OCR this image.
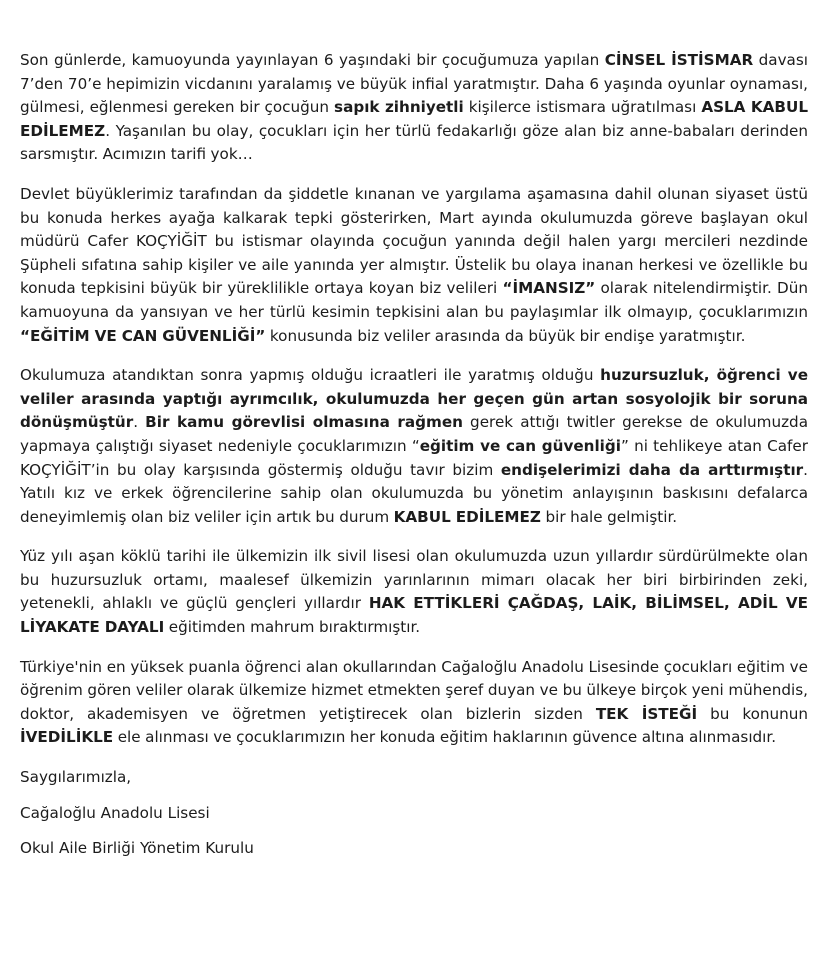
Son günlerde, kamuoyunda yayınlayan 6 yaşındaki bir çocuğumuza yapılan CİNSEL İSTİSMAR davası 7’den 70’e hepimizin vicdanını yaralamış ve büyük infial yaratmıştır. Daha 6 yaşında oyunlar oynaması, gülmesi, eğlenmesi gereken bir çocuğun sapık zihniyetli kişilerce istismara uğratılması ASLA KABUL EDİLEMEZ. Yaşanılan bu olay, çocukları için her türlü fedakarlığı göze alan biz anne-babaları derinden sarsmıştır. Acımızın tarifi yok…

Devlet büyüklerimiz tarafından da şiddetle kınanan ve yargılama aşamasına dahil olunan siyaset üstü bu konuda herkes ayağa kalkarak tepki gösterirken, Mart ayında okulumuzda göreve başlayan okul müdürü Cafer KOÇYİĞİT bu istismar olayında çocuğun yanında değil halen yargı mercileri nezdinde Şüpheli sıfatına sahip kişiler ve aile yanında yer almıştır. Üstelik bu olaya inanan herkesi ve özellikle bu konuda tepkisini büyük bir yüreklilikle ortaya koyan biz velileri “İMANSIZ” olarak nitelendirmiştir. Dün kamuoyuna da yansıyan ve her türlü kesimin tepkisini alan bu paylaşımlar ilk olmayıp, çocuklarımızın “EĞİTİM VE CAN GÜVENLİĞİ” konusunda biz veliler arasında da büyük bir endişe yaratmıştır.

Okulumuza atandıktan sonra yapmış olduğu icraatleri ile yaratmış olduğu huzursuzluk, öğrenci ve veliler arasında yaptığı ayrımcılık, okulumuzda her geçen gün artan sosyolojik bir soruna dönüşmüştür. Bir kamu görevlisi olmasına rağmen gerek attığı twitler gerekse de okulumuzda yapmaya çalıştığı siyaset nedeniyle çocuklarımızın “eğitim ve can güvenliği” ni tehlikeye atan Cafer KOÇYİĞİT’in bu olay karşısında göstermiş olduğu tavır bizim endişelerimizi daha da arttırmıştır. Yatılı kız ve erkek öğrencilerine sahip olan okulumuzda bu yönetim anlayışının baskısını defalarca deneyimlemiş olan biz veliler için artık bu durum KABUL EDİLEMEZ bir hale gelmiştir.

Yüz yılı aşan köklü tarihi ile ülkemizin ilk sivil lisesi olan okulumuzda uzun yıllardır sürdürülmekte olan bu huzursuzluk ortamı, maalesef ülkemizin yarınlarının mimarı olacak her biri birbirinden zeki, yetenekli, ahlaklı ve güçlü gençleri yıllardır HAK ETTİKLERİ ÇAĞDAŞ, LAİK, BİLİMSEL, ADİL VE LİYAKATE DAYALI eğitimden mahrum bıraktırmıştır.

Türkiye'nin en yüksek puanla öğrenci alan okullarından Cağaloğlu Anadolu Lisesinde çocukları eğitim ve öğrenim gören veliler olarak ülkemize hizmet etmekten şeref duyan ve bu ülkeye birçok yeni mühendis, doktor, akademisyen ve öğretmen yetiştirecek olan bizlerin sizden TEK İSTEĞİ bu konunun İVEDİLİKLE ele alınması ve çocuklarımızın her konuda eğitim haklarının güvence altına alınmasıdır.

Saygılarımızla,

Cağaloğlu Anadolu Lisesi

Okul Aile Birliği Yönetim Kurulu
